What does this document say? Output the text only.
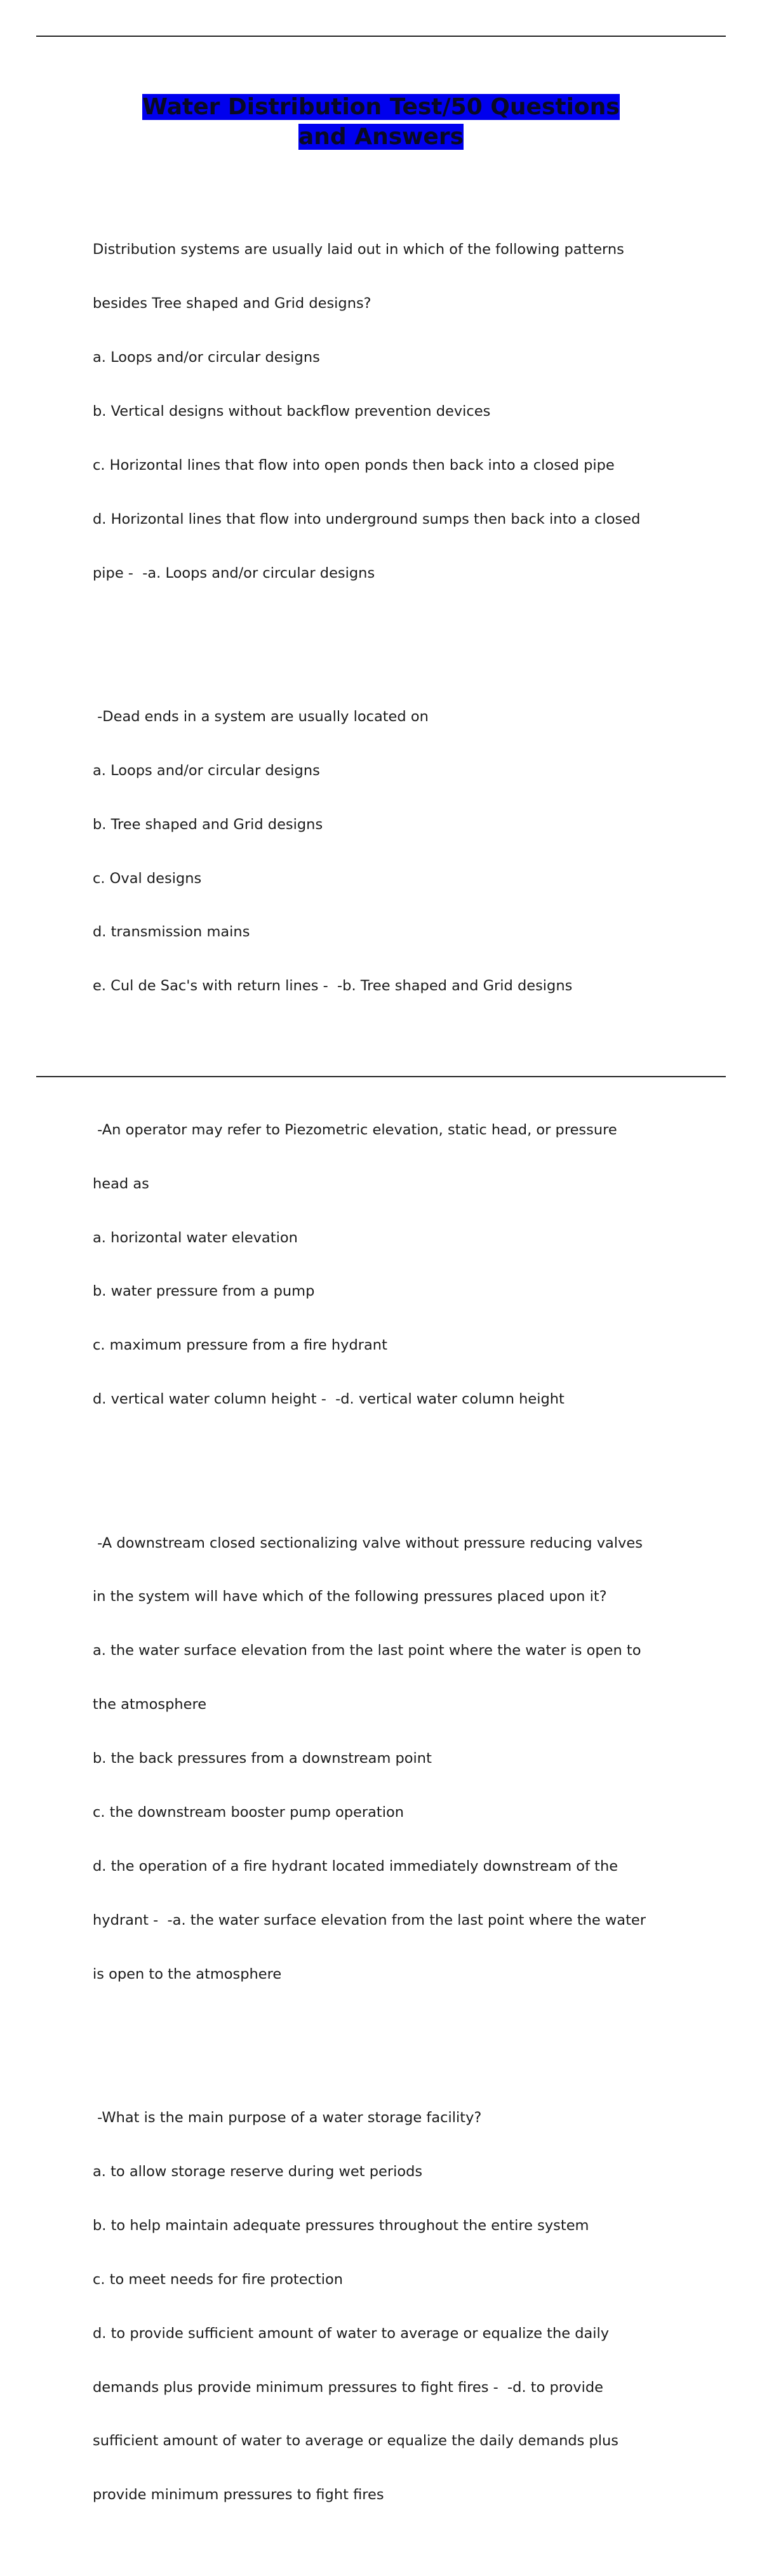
Water Distribution Test/50 Questions
and Answers

Distribution systems are usually laid out in which of the following patterns

besides Tree shaped and Grid designs?

a. Loops and/or circular designs

b. Vertical designs without backflow prevention devices

c. Horizontal lines that flow into open ponds then back into a closed pipe

d. Horizontal lines that flow into underground sumps then back into a closed

pipe -  -a. Loops and/or circular designs

-Dead ends in a system are usually located on

a. Loops and/or circular designs

b. Tree shaped and Grid designs

c. Oval designs

d. transmission mains

e. Cul de Sac's with return lines -  -b. Tree shaped and Grid designs

-An operator may refer to Piezometric elevation, static head, or pressure

head as

a. horizontal water elevation

b. water pressure from a pump

c. maximum pressure from a fire hydrant

d. vertical water column height -  -d. vertical water column height

-A downstream closed sectionalizing valve without pressure reducing valves

in the system will have which of the following pressures placed upon it?

a. the water surface elevation from the last point where the water is open to

the atmosphere

b. the back pressures from a downstream point

c. the downstream booster pump operation

d. the operation of a fire hydrant located immediately downstream of the

hydrant -  -a. the water surface elevation from the last point where the water

is open to the atmosphere

-What is the main purpose of a water storage facility?

a. to allow storage reserve during wet periods

b. to help maintain adequate pressures throughout the entire system

c. to meet needs for fire protection

d. to provide sufficient amount of water to average or equalize the daily

demands plus provide minimum pressures to fight fires -  -d. to provide

sufficient amount of water to average or equalize the daily demands plus

provide minimum pressures to fight fires
